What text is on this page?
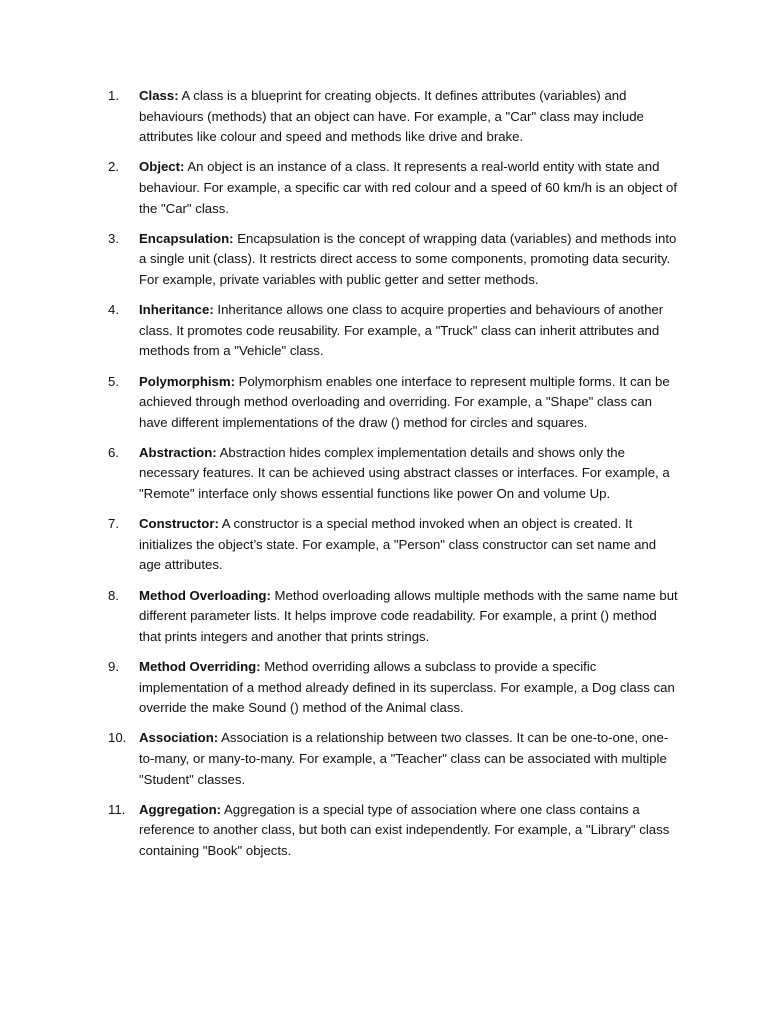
1.	Class: A class is a blueprint for creating objects. It defines attributes (variables) and behaviours (methods) that an object can have. For example, a "Car" class may include attributes like colour and speed and methods like drive and brake.
2.	Object: An object is an instance of a class. It represents a real-world entity with state and behaviour. For example, a specific car with red colour and a speed of 60 km/h is an object of the "Car" class.
3.	Encapsulation: Encapsulation is the concept of wrapping data (variables) and methods into a single unit (class). It restricts direct access to some components, promoting data security. For example, private variables with public getter and setter methods.
4.	Inheritance: Inheritance allows one class to acquire properties and behaviours of another class. It promotes code reusability. For example, a "Truck" class can inherit attributes and methods from a "Vehicle" class.
5.	Polymorphism: Polymorphism enables one interface to represent multiple forms. It can be achieved through method overloading and overriding. For example, a "Shape" class can have different implementations of the draw () method for circles and squares.
6.	Abstraction: Abstraction hides complex implementation details and shows only the necessary features. It can be achieved using abstract classes or interfaces. For example, a "Remote" interface only shows essential functions like power On and volume Up.
7.	Constructor: A constructor is a special method invoked when an object is created. It initializes the object’s state. For example, a "Person" class constructor can set name and age attributes.
8.	Method Overloading: Method overloading allows multiple methods with the same name but different parameter lists. It helps improve code readability. For example, a print () method that prints integers and another that prints strings.
9.	Method Overriding: Method overriding allows a subclass to provide a specific implementation of a method already defined in its superclass. For example, a Dog class can override the make Sound () method of the Animal class.
10. Association: Association is a relationship between two classes. It can be one-to-one, one-to-many, or many-to-many. For example, a "Teacher" class can be associated with multiple "Student" classes.
11.	Aggregation: Aggregation is a special type of association where one class contains a reference to another class, but both can exist independently. For example, a "Library" class containing "Book" objects.
